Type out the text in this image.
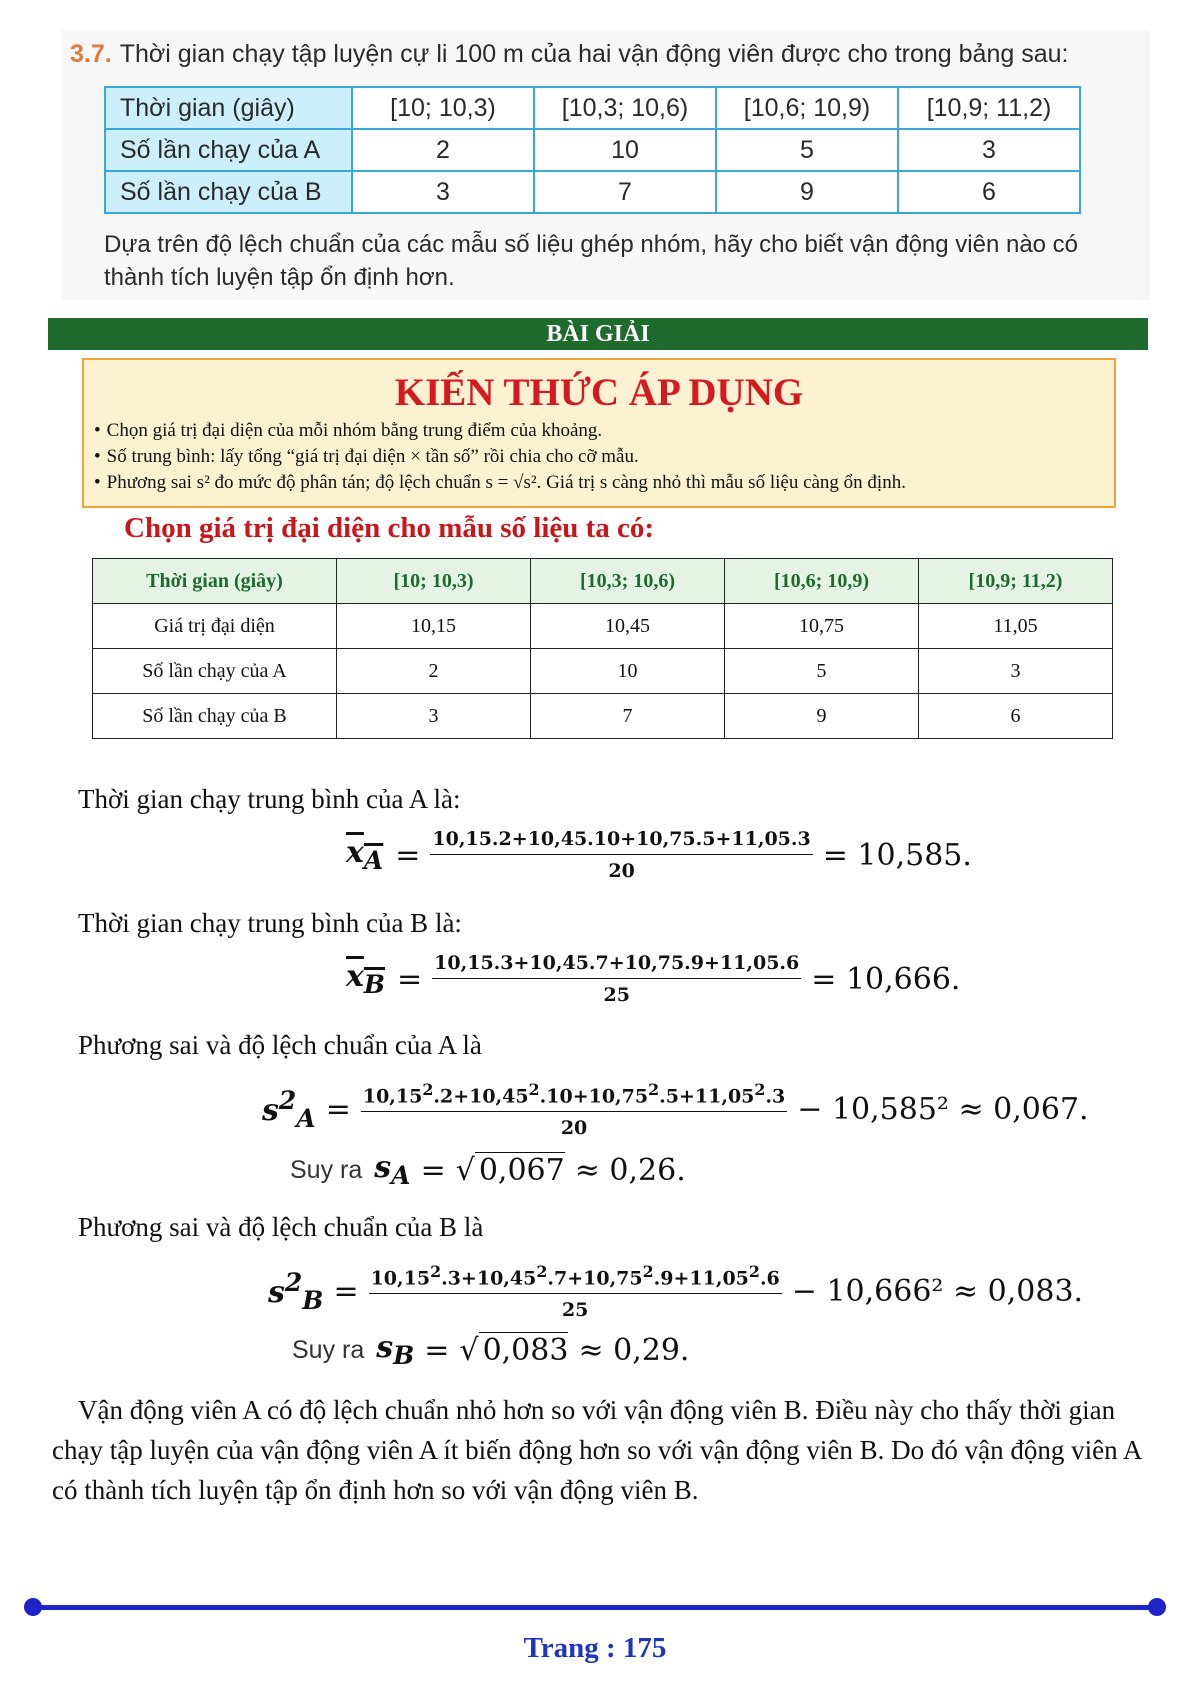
3.7. Thời gian chạy tập luyện cự li 100 m của hai vận động viên được cho trong bảng sau:
Thời gian (giây)	[10; 10,3)	[10,3; 10,6)	[10,6; 10,9)	[10,9; 11,2)
Số lần chạy của A	2	10	5	3
Số lần chạy của B	3	7	9	6
Dựa trên độ lệch chuẩn của các mẫu số liệu ghép nhóm, hãy cho biết vận động viên nào có thành tích luyện tập ổn định hơn.
BÀI GIẢI
KIẾN THỨC ÁP DỤNG
• Chọn giá trị đại diện của mỗi nhóm bằng trung điểm của khoảng.
• Số trung bình: lấy tổng “giá trị đại diện × tần số” rồi chia cho cỡ mẫu.
• Phương sai s² đo mức độ phân tán; độ lệch chuẩn s = √s². Giá trị s càng nhỏ thì mẫu số liệu càng ổn định.
Chọn giá trị đại diện cho mẫu số liệu ta có:
Thời gian (giây)	[10; 10,3)	[10,3; 10,6)	[10,6; 10,9)	[10,9; 11,2)
Giá trị đại diện	10,15	10,45	10,75	11,05
Số lần chạy của A	2	10	5	3
Số lần chạy của B	3	7	9	6
Thời gian chạy trung bình của A là:
$x_A = \frac{10,15.2+10,45.10+10,75.5+11,05.3}{20} = 10,585$.
Thời gian chạy trung bình của B là:
$x_B = \frac{10,15.3+10,45.7+10,75.9+11,05.6}{25} = 10,666$.
Phương sai và độ lệch chuẩn của A là
$s^2_A = \frac{10,15^2.2+10,45^2.10+10,75^2.5+11,05^2.3}{20} - 10,585^2 \approx 0,067$.
Suy ra $s_A$ = √ 0,067 ≈ 0,26.
Phương sai và độ lệch chuẩn của B là
$s^2_B = \frac{10,15^2.3+10,45^2.7+10,75^2.9+11,05^2.6}{25} - 10,666^2 \approx 0,083$.
Suy ra $s_B$ = √ 0,083 ≈ 0,29.
Vận động viên A có độ lệch chuẩn nhỏ hơn so với vận động viên B. Điều này cho thấy thời gian chạy tập luyện của vận động viên A ít biến động hơn so với vận động viên B. Do đó vận động viên A có thành tích luyện tập ổn định hơn so với vận động viên B.
Trang : 175
